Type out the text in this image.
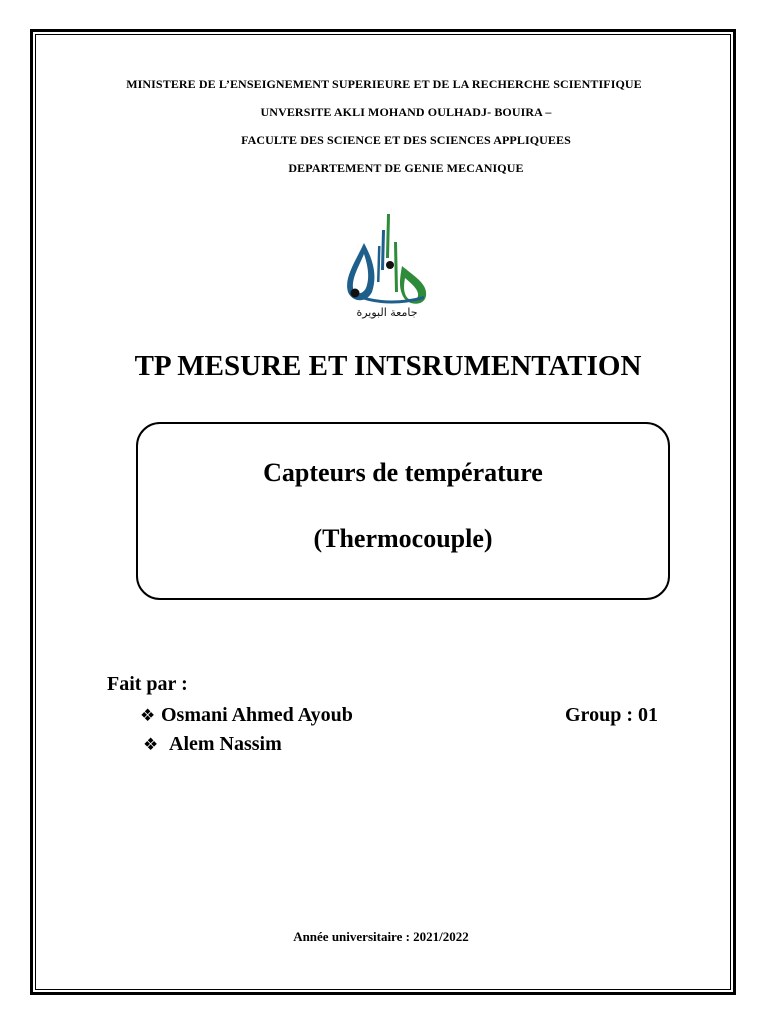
MINISTERE DE L’ENSEIGNEMENT SUPERIEURE ET DE LA RECHERCHE SCIENTIFIQUE
UNVERSITE AKLI MOHAND OULHADJ- BOUIRA –
FACULTE DES SCIENCE ET DES SCIENCES APPLIQUEES
DEPARTEMENT DE GENIE MECANIQUE
جامعة البويرة
TP MESURE ET INTSRUMENTATION
Capteurs de température
(Thermocouple)
Fait par :
❖ Osmani Ahmed Ayoub
❖ Alem Nassim
Group : 01
Année universitaire : 2021/2022
